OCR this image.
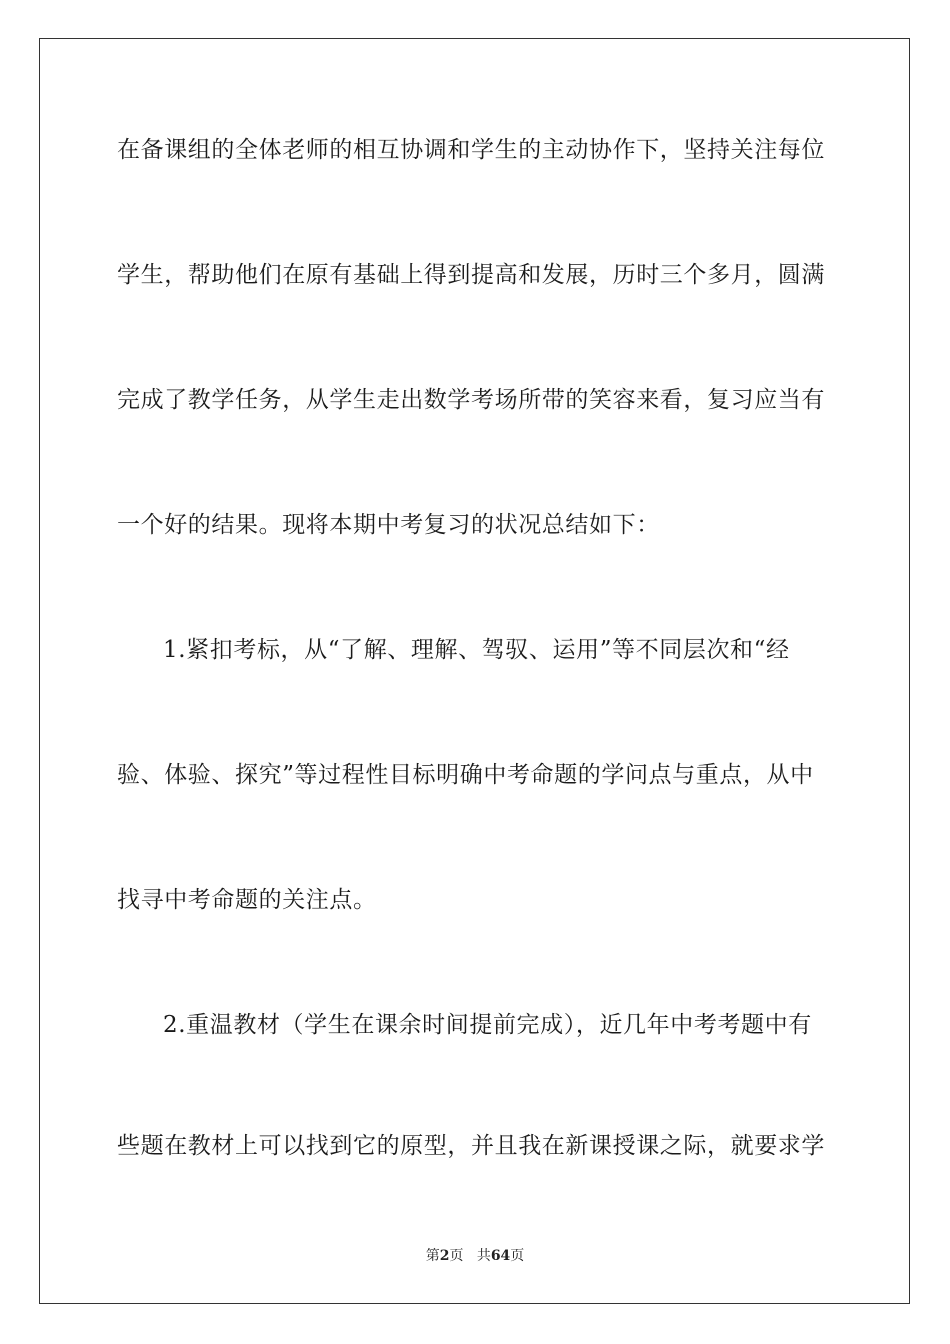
在备课组的全体老师的相互协调和学生的主动协作下，坚持关注每位
学生，帮助他们在原有基础上得到提高和发展，历时三个多月，圆满
完成了教学任务，从学生走出数学考场所带的笑容来看，复习应当有
一个好的结果。现将本期中考复习的状况总结如下：
1.紧扣考标，从“了解、理解、驾驭、运用”等不同层次和“经
验、体验、探究”等过程性目标明确中考命题的学问点与重点，从中
找寻中考命题的关注点。
2.重温教材（学生在课余时间提前完成），近几年中考考题中有
些题在教材上可以找到它的原型，并且我在新课授课之际，就要求学
第2页 共64页
